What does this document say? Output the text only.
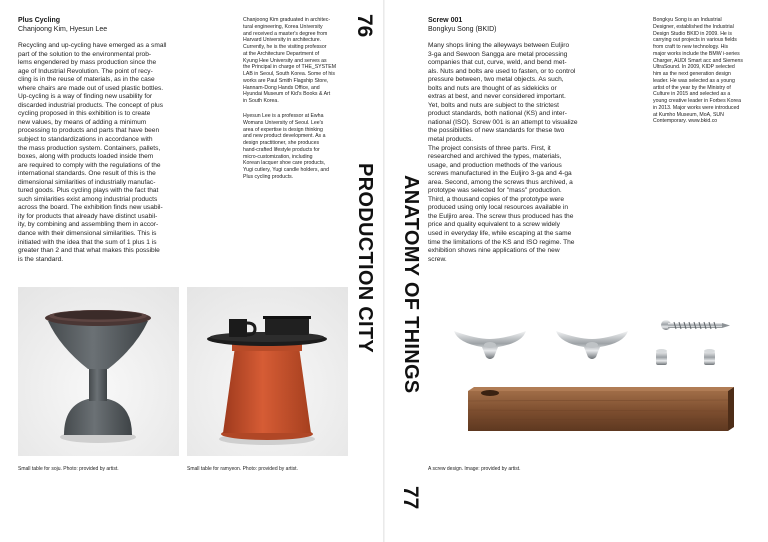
Plus Cycling
Chanjoong Kim, Hyesun Lee
Recycling and up-cycling have emerged as a small
part of the solution to the environmental prob-
lems engendered by mass production since the
age of Industrial Revolution. The point of recy-
cling is in the reuse of materials, as in the case
where chairs are made out of used plastic bottles.
Up-cycling is a way of finding new usability for
discarded industrial products. The concept of plus
cycling proposed in this exhibition is to create
new values, by means of adding a minimum
processing to products and parts that have been
subject to standardizations in accordance with
the mass production system. Containers, pallets,
boxes, along with products loaded inside them
are required to comply with the regulations of the
international standards. One result of this is the
dimensional similarities of industrially manufac-
tured goods. Plus cycling plays with the fact that
such similarities exist among industrial products
across the board. The exhibition finds new usabil-
ity for products that already have distinct usabil-
ity, by combining and assembling them in accor-
dance with their dimensional similarities. This is
initiated with the idea that the sum of 1 plus 1 is
greater than 2 and that what makes this possible
is the standard.
Chanjoong Kim graduated in architec-
tural engineering, Korea University
and received a master's degree from
Harvard University in architecture.
Currently, he is the visiting professor
at the Architecture Department of
Kyung Hee University and serves as
the Principal in charge of THE_SYSTEM
LAB in Seoul, South Korea. Some of his
works are Paul Smith Flagship Store,
Hannam-Dong Hands Office, and
Hyundai Museum of Kid's Books & Art
in South Korea.
Hyesun Lee is a professor at Ewha
Womans University of Seoul. Lee's
area of expertise is design thinking
and new product development. As a
design practitioner, she produces
hand-crafted lifestyle products for
micro-customization, including
Korean lacquer shoe care products,
Yugi cutlery, Yugi candle holders, and
Plus cycling products.
76
PRODUCTION CITY
Small table for soju. Photo: provided by artist.	Small table for ramyeon. Photo: provided by artist.
ANATOMY OF THINGS
77
Screw 001
Bongkyu Song (BKID)
Many shops lining the alleyways between Euljiro
3-ga and Sewoon Sangga are metal processing
companies that cut, curve, weld, and bend met-
als. Nuts and bolts are used to fasten, or to control
pressure between, two metal objects. As such,
bolts and nuts are thought of as sidekicks or
extras at best, and never considered important.
Yet, bolts and nuts are subject to the strictest
product standards, both national (KS) and inter-
national (ISO). Screw 001 is an attempt to visualize
the possibilities of new standards for these two
metal products.
The project consists of three parts. First, it
researched and archived the types, materials,
usage, and production methods of the various
screws manufactured in the Euljiro 3-ga and 4-ga
area. Second, among the screws thus archived, a
prototype was selected for "mass" production.
Third, a thousand copies of the prototype were
produced using only local resources available in
the Euljiro area. The screw thus produced has the
price and quality equivalent to a screw widely
used in everyday life, while escaping at the same
time the limitations of the KS and ISO regime. The
exhibition shows nine applications of the new
screw.
Bongkyu Song is an Industrial
Designer, established the Industrial
Design Studio BKID in 2009. He is
carrying out projects in various fields
from craft to new technology. His
major works include the BMW i-series
Charger, AUDI Smart acc and Siemens
UltraSound. In 2009, KIDP selected
him as the next generation design
leader. He was selected as a young
artist of the year by the Ministry of
Culture in 2015 and selected as a
young creative leader in Forbes Korea
in 2013. Major works were introduced
at Kumho Museum, MoA, SUN
Contemporary. www.bkid.co
A screw design. Image: provided by artist.
